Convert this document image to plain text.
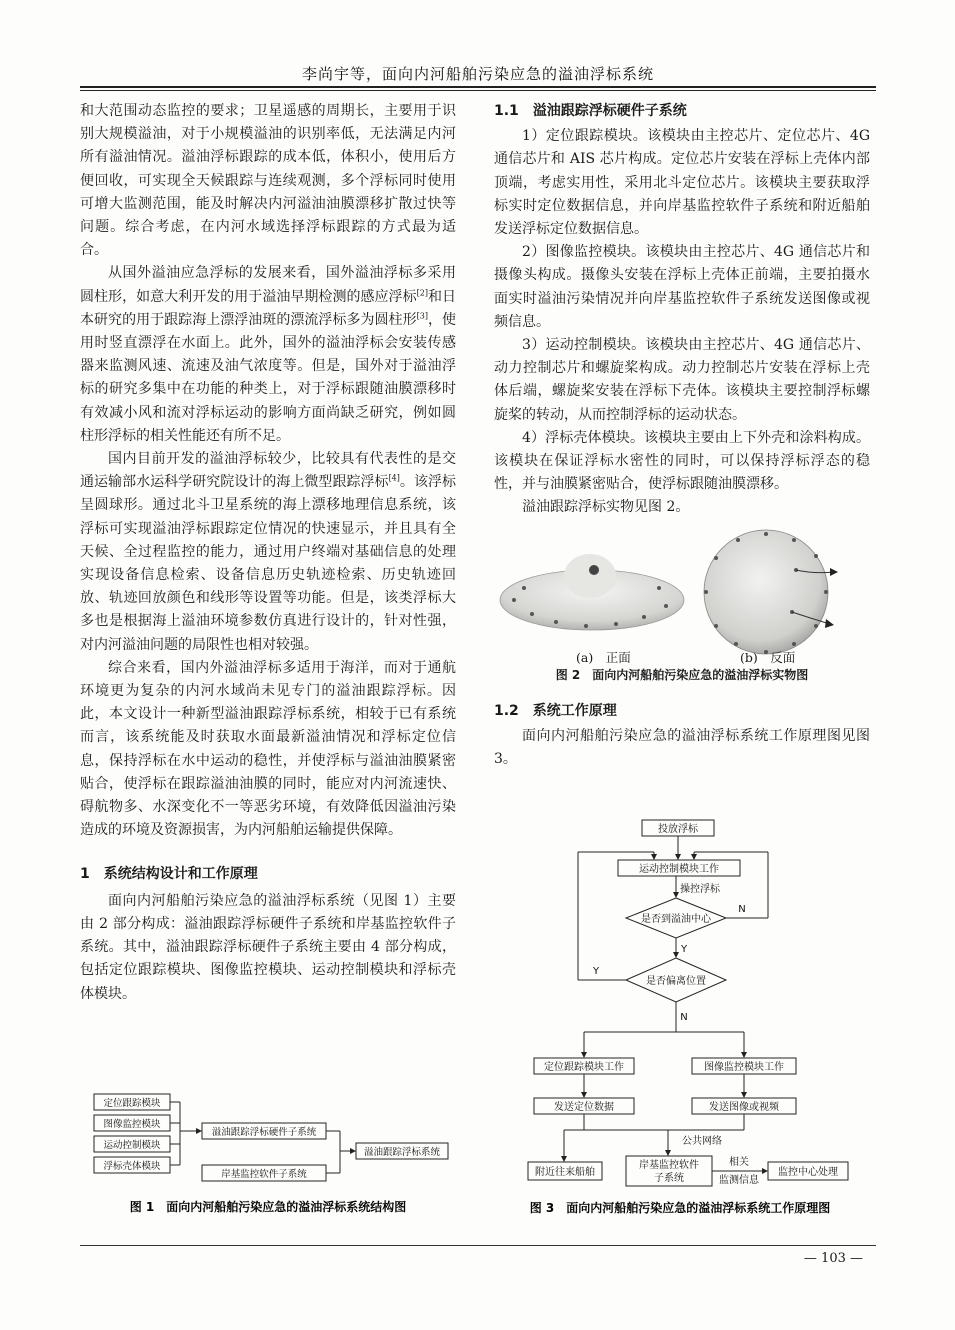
李尚宇等，面向内河船舶污染应急的溢油浮标系统

和大范围动态监控的要求；卫星遥感的周期长，主要用于识别大规模溢油，对于小规模溢油的识别率低，无法满足内河所有溢油情况。溢油浮标跟踪的成本低，体积小，使用后方便回收，可实现全天候跟踪与连续观测，多个浮标同时使用可增大监测范围，能及时解决内河溢油油膜漂移扩散过快等问题。综合考虑，在内河水域选择浮标跟踪的方式最为适合。

从国外溢油应急浮标的发展来看，国外溢油浮标多采用圆柱形，如意大利开发的用于溢油早期检测的感应浮标[2]和日本研究的用于跟踪海上漂浮油斑的漂流浮标多为圆柱形[3]，使用时竖直漂浮在水面上。此外，国外的溢油浮标会安装传感器来监测风速、流速及油气浓度等。但是，国外对于溢油浮标的研究多集中在功能的种类上，对于浮标跟随油膜漂移时有效减小风和流对浮标运动的影响方面尚缺乏研究，例如圆柱形浮标的相关性能还有所不足。

国内目前开发的溢油浮标较少，比较具有代表性的是交通运输部水运科学研究院设计的海上微型跟踪浮标[4]。该浮标呈圆球形。通过北斗卫星系统的海上漂移地理信息系统，该浮标可实现溢油浮标跟踪定位情况的快速显示，并且具有全天候、全过程监控的能力，通过用户终端对基础信息的处理实现设备信息检索、设备信息历史轨迹检索、历史轨迹回放、轨迹回放颜色和线形等设置等功能。但是，该类浮标大多也是根据海上溢油环境参数仿真进行设计的，针对性强，对内河溢油问题的局限性也相对较强。

综合来看，国内外溢油浮标多适用于海洋，而对于通航环境更为复杂的内河水域尚未见专门的溢油跟踪浮标。因此，本文设计一种新型溢油跟踪浮标系统，相较于已有系统而言，该系统能及时获取水面最新溢油情况和浮标定位信息，保持浮标在水中运动的稳性，并使浮标与溢油油膜紧密贴合，使浮标在跟踪溢油油膜的同时，能应对内河流速快、碍航物多、水深变化不一等恶劣环境，有效降低因溢油污染造成的环境及资源损害，为内河船舶运输提供保障。

1　系统结构设计和工作原理

面向内河船舶污染应急的溢油浮标系统（见图 1）主要由 2 部分构成：溢油跟踪浮标硬件子系统和岸基监控软件子系统。其中，溢油跟踪浮标硬件子系统主要由 4 部分构成，包括定位跟踪模块、图像监控模块、运动控制模块和浮标壳体模块。

定位跟踪模块
图像监控模块
运动控制模块
浮标壳体模块
溢油跟踪浮标硬件子系统
岸基监控软件子系统
溢油跟踪浮标系统
图 1　面向内河船舶污染应急的溢油浮标系统结构图
1.1　溢油跟踪浮标硬件子系统

1）定位跟踪模块。该模块由主控芯片、定位芯片、4G 通信芯片和 AIS 芯片构成。定位芯片安装在浮标上壳体内部顶端，考虑实用性，采用北斗定位芯片。该模块主要获取浮标实时定位数据信息，并向岸基监控软件子系统和附近船舶发送浮标定位数据信息。

2）图像监控模块。该模块由主控芯片、4G 通信芯片和摄像头构成。摄像头安装在浮标上壳体正前端，主要拍摄水面实时溢油污染情况并向岸基监控软件子系统发送图像或视频信息。

3）运动控制模块。该模块由主控芯片、4G 通信芯片、动力控制芯片和螺旋桨构成。动力控制芯片安装在浮标上壳体后端，螺旋桨安装在浮标下壳体。该模块主要控制浮标螺旋桨的转动，从而控制浮标的运动状态。

4）浮标壳体模块。该模块主要由上下外壳和涂料构成。该模块在保证浮标水密性的同时，可以保持浮标浮态的稳性，并与油膜紧密贴合，使浮标跟随油膜漂移。

溢油跟踪浮标实物见图 2。

(a)　正面	(b)　反面
图 2　面向内河船舶污染应急的溢油浮标实物图
1.2　系统工作原理

面向内河船舶污染应急的溢油浮标系统工作原理图见图 3。

投放浮标
运动控制模块工作
操控浮标
是否到溢油中心
是否偏离位置
N
Y
Y
N
定位跟踪模块工作	图像监控模块工作
发送定位数据	发送图像或视频
公共网络
附近往来船舶
岸基监控软件
子系统
相关
监测信息
监控中心处理
图 3　面向内河船舶污染应急的溢油浮标系统工作原理图
— 103 —
